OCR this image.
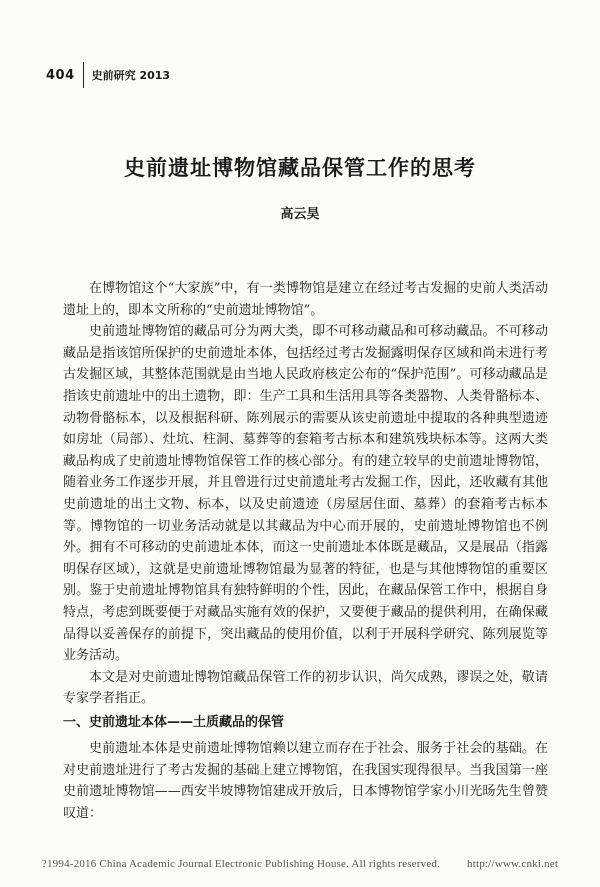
404 史前研究 2013
史前遗址博物馆藏品保管工作的思考
高云昊

在博物馆这个“大家族”中，有一类博物馆是建立在经过考古发掘的史前人类活动遗址上的，即本文所称的“史前遗址博物馆”。

史前遗址博物馆的藏品可分为两大类，即不可移动藏品和可移动藏品。不可移动藏品是指该馆所保护的史前遗址本体，包括经过考古发掘露明保存区域和尚未进行考古发掘区域，其整体范围就是由当地人民政府核定公布的“保护范围”。可移动藏品是指该史前遗址中的出土遗物，即：生产工具和生活用具等各类器物、人类骨骼标本、动物骨骼标本，以及根据科研、陈列展示的需要从该史前遗址中提取的各种典型遗迹如房址（局部）、灶坑、柱洞、墓葬等的套箱考古标本和建筑残块标本等。这两大类藏品构成了史前遗址博物馆保管工作的核心部分。有的建立较早的史前遗址博物馆，随着业务工作逐步开展，并且曾进行过史前遗址考古发掘工作，因此，还收藏有其他史前遗址的出土文物、标本，以及史前遗迹（房屋居住面、墓葬）的套箱考古标本等。博物馆的一切业务活动就是以其藏品为中心而开展的，史前遗址博物馆也不例外。拥有不可移动的史前遗址本体，而这一史前遗址本体既是藏品，又是展品（指露明保存区域），这就是史前遗址博物馆最为显著的特征，也是与其他博物馆的重要区别。鉴于史前遗址博物馆具有独特鲜明的个性，因此，在藏品保管工作中，根据自身特点，考虑到既要便于对藏品实施有效的保护，又要便于藏品的提供利用，在确保藏品得以妥善保存的前提下，突出藏品的使用价值，以利于开展科学研究、陈列展览等业务活动。

本文是对史前遗址博物馆藏品保管工作的初步认识，尚欠成熟，谬误之处，敬请专家学者指正。

一、史前遗址本体——土质藏品的保管

史前遗址本体是史前遗址博物馆赖以建立而存在于社会、服务于社会的基础。在对史前遗址进行了考古发掘的基础上建立博物馆，在我国实现得很早。当我国第一座史前遗址博物馆——西安半坡博物馆建成开放后，日本博物馆学家小川光旸先生曾赞叹道：

?1994-2016 China Academic Journal Electronic Publishing House. All rights reserved. http://www.cnki.net
